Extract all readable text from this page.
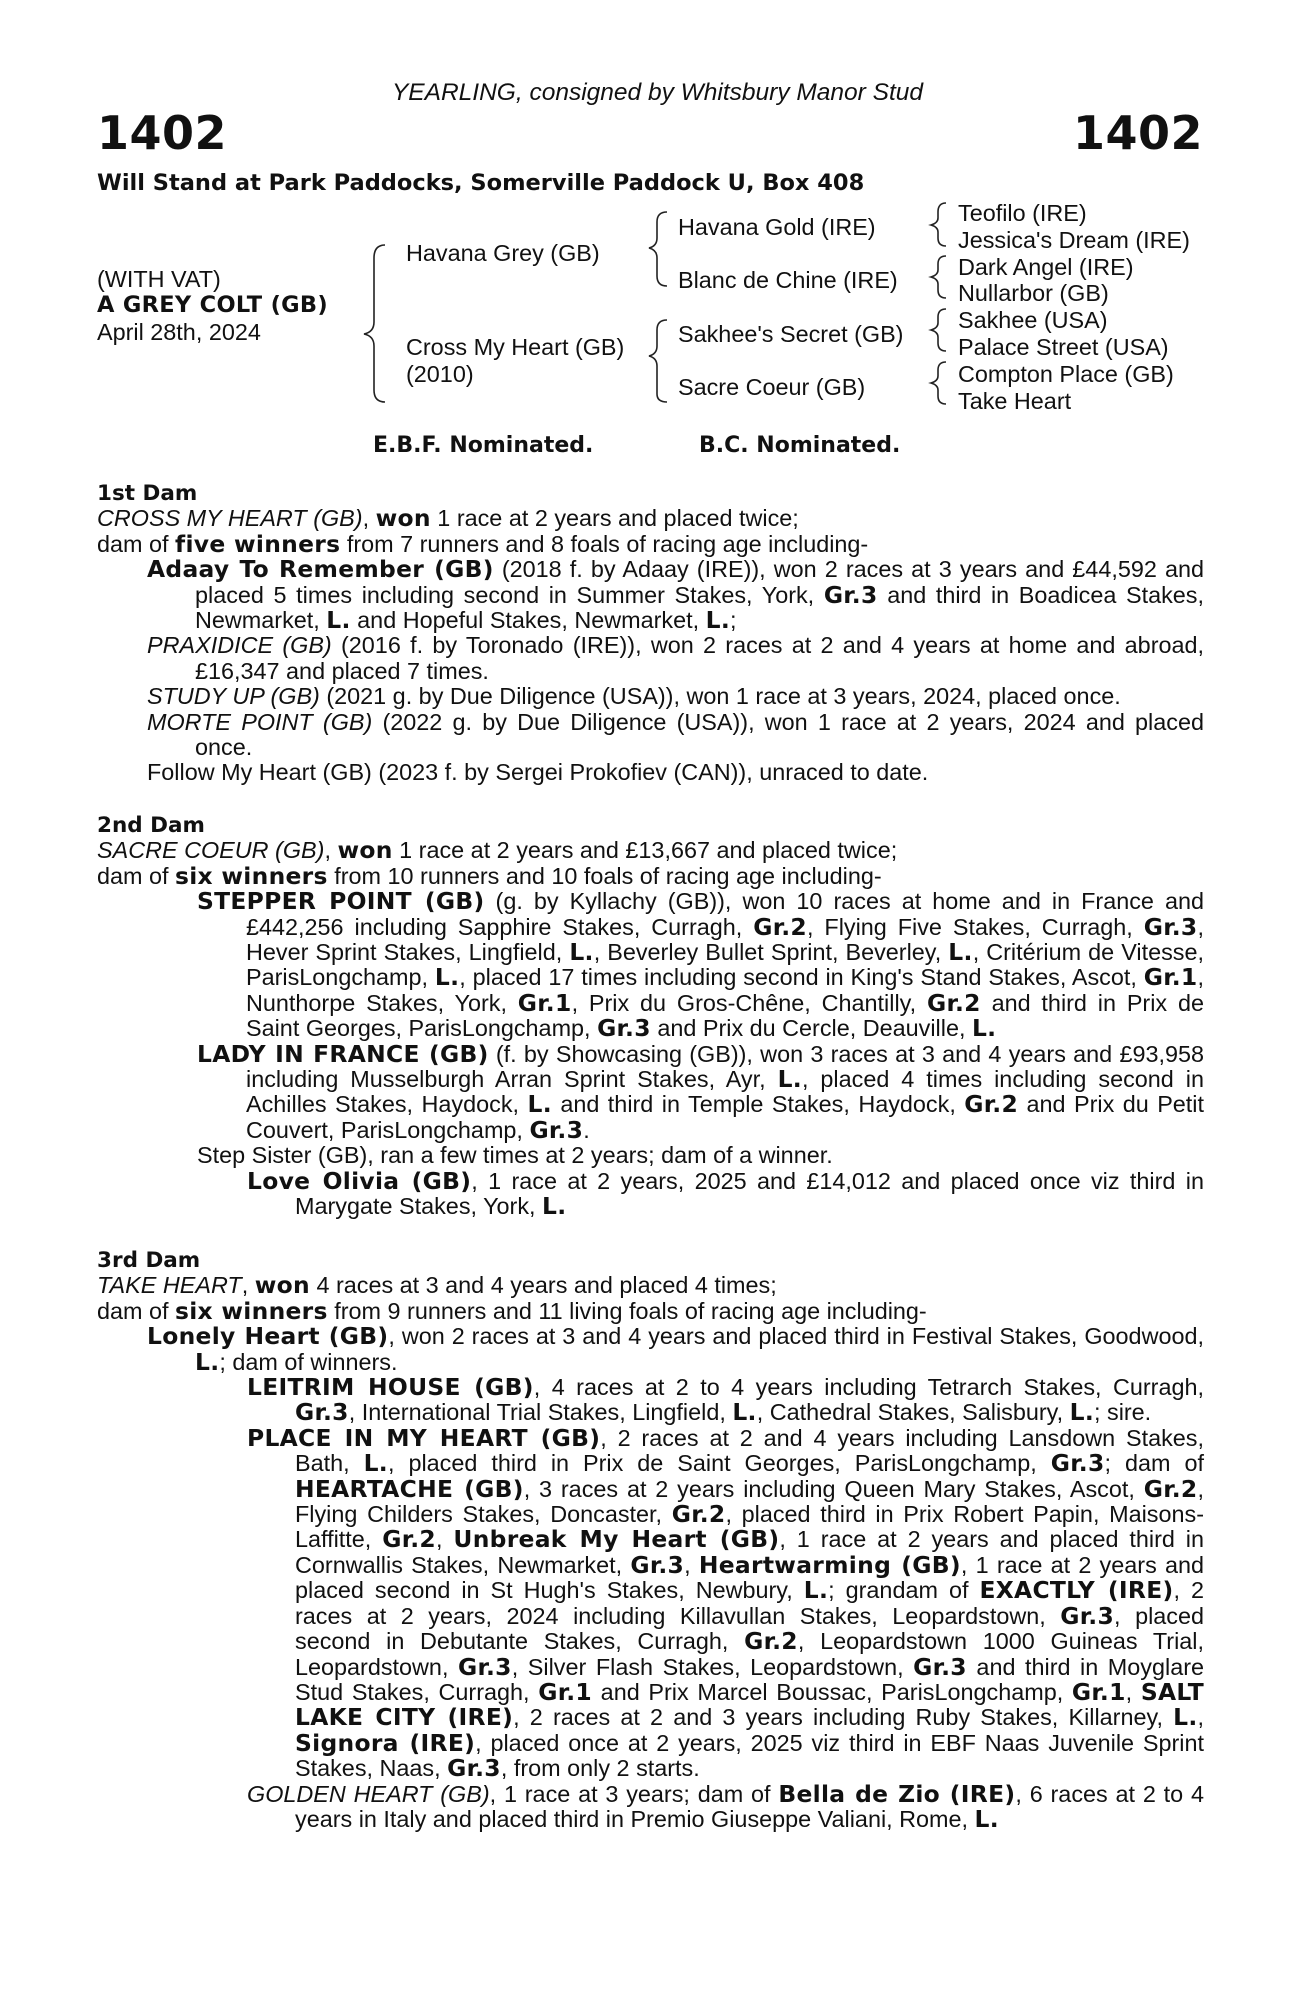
YEARLING, consigned by Whitsbury Manor Stud
1402	1402
Will Stand at Park Paddocks, Somerville Paddock U, Box 408
(WITH VAT)
A GREY COLT (GB)
April 28th, 2024
Havana Grey (GB)
Cross My Heart (GB)
(2010)
Havana Gold (IRE)
Blanc de Chine (IRE)
Sakhee's Secret (GB)
Sacre Coeur (GB)
Teofilo (IRE)
Jessica's Dream (IRE)
Dark Angel (IRE)
Nullarbor (GB)
Sakhee (USA)
Palace Street (USA)
Compton Place (GB)
Take Heart
E.B.F. Nominated.	B.C. Nominated.
1st Dam

CROSS MY HEART (GB), won 1 race at 2 years and placed twice;

dam of five winners from 7 runners and 8 foals of racing age including-

Adaay To Remember (GB) (2018 f. by Adaay (IRE)), won 2 races at 3 years and £44,592 and placed 5 times including second in Summer Stakes, York, Gr.3 and third in Boadicea Stakes, Newmarket, L. and Hopeful Stakes, Newmarket, L.;

PRAXIDICE (GB) (2016 f. by Toronado (IRE)), won 2 races at 2 and 4 years at home and abroad, £16,347 and placed 7 times.

STUDY UP (GB) (2021 g. by Due Diligence (USA)), won 1 race at 3 years, 2024, placed once.

MORTE POINT (GB) (2022 g. by Due Diligence (USA)), won 1 race at 2 years, 2024 and placed once.

Follow My Heart (GB) (2023 f. by Sergei Prokofiev (CAN)), unraced to date.

2nd Dam

SACRE COEUR (GB), won 1 race at 2 years and £13,667 and placed twice;

dam of six winners from 10 runners and 10 foals of racing age including-

STEPPER POINT (GB) (g. by Kyllachy (GB)), won 10 races at home and in France and £442,256 including Sapphire Stakes, Curragh, Gr.2, Flying Five Stakes, Curragh, Gr.3, Hever Sprint Stakes, Lingfield, L., Beverley Bullet Sprint, Beverley, L., Critérium de Vitesse, ParisLongchamp, L., placed 17 times including second in King's Stand Stakes, Ascot, Gr.1, Nunthorpe Stakes, York, Gr.1, Prix du Gros-Chêne, Chantilly, Gr.2 and third in Prix de Saint Georges, ParisLongchamp, Gr.3 and Prix du Cercle, Deauville, L.

LADY IN FRANCE (GB) (f. by Showcasing (GB)), won 3 races at 3 and 4 years and £93,958 including Musselburgh Arran Sprint Stakes, Ayr, L., placed 4 times including second in Achilles Stakes, Haydock, L. and third in Temple Stakes, Haydock, Gr.2 and Prix du Petit Couvert, ParisLongchamp, Gr.3.

Step Sister (GB), ran a few times at 2 years; dam of a winner.

Love Olivia (GB), 1 race at 2 years, 2025 and £14,012 and placed once viz third in Marygate Stakes, York, L.

3rd Dam

TAKE HEART, won 4 races at 3 and 4 years and placed 4 times;

dam of six winners from 9 runners and 11 living foals of racing age including-

Lonely Heart (GB), won 2 races at 3 and 4 years and placed third in Festival Stakes, Goodwood, L.; dam of winners.

LEITRIM HOUSE (GB), 4 races at 2 to 4 years including Tetrarch Stakes, Curragh, Gr.3, International Trial Stakes, Lingfield, L., Cathedral Stakes, Salisbury, L.; sire.

PLACE IN MY HEART (GB), 2 races at 2 and 4 years including Lansdown Stakes, Bath, L., placed third in Prix de Saint Georges, ParisLongchamp, Gr.3; dam of HEARTACHE (GB), 3 races at 2 years including Queen Mary Stakes, Ascot, Gr.2, Flying Childers Stakes, Doncaster, Gr.2, placed third in Prix Robert Papin, Maisons-Laffitte, Gr.2, Unbreak My Heart (GB), 1 race at 2 years and placed third in Cornwallis Stakes, Newmarket, Gr.3, Heartwarming (GB), 1 race at 2 years and placed second in St Hugh's Stakes, Newbury, L.; grandam of EXACTLY (IRE), 2 races at 2 years, 2024 including Killavullan Stakes, Leopardstown, Gr.3, placed second in Debutante Stakes, Curragh, Gr.2, Leopardstown 1000 Guineas Trial, Leopardstown, Gr.3, Silver Flash Stakes, Leopardstown, Gr.3 and third in Moyglare Stud Stakes, Curragh, Gr.1 and Prix Marcel Boussac, ParisLongchamp, Gr.1, SALT LAKE CITY (IRE), 2 races at 2 and 3 years including Ruby Stakes, Killarney, L., Signora (IRE), placed once at 2 years, 2025 viz third in EBF Naas Juvenile Sprint Stakes, Naas, Gr.3, from only 2 starts.

GOLDEN HEART (GB), 1 race at 3 years; dam of Bella de Zio (IRE), 6 races at 2 to 4 years in Italy and placed third in Premio Giuseppe Valiani, Rome, L.
